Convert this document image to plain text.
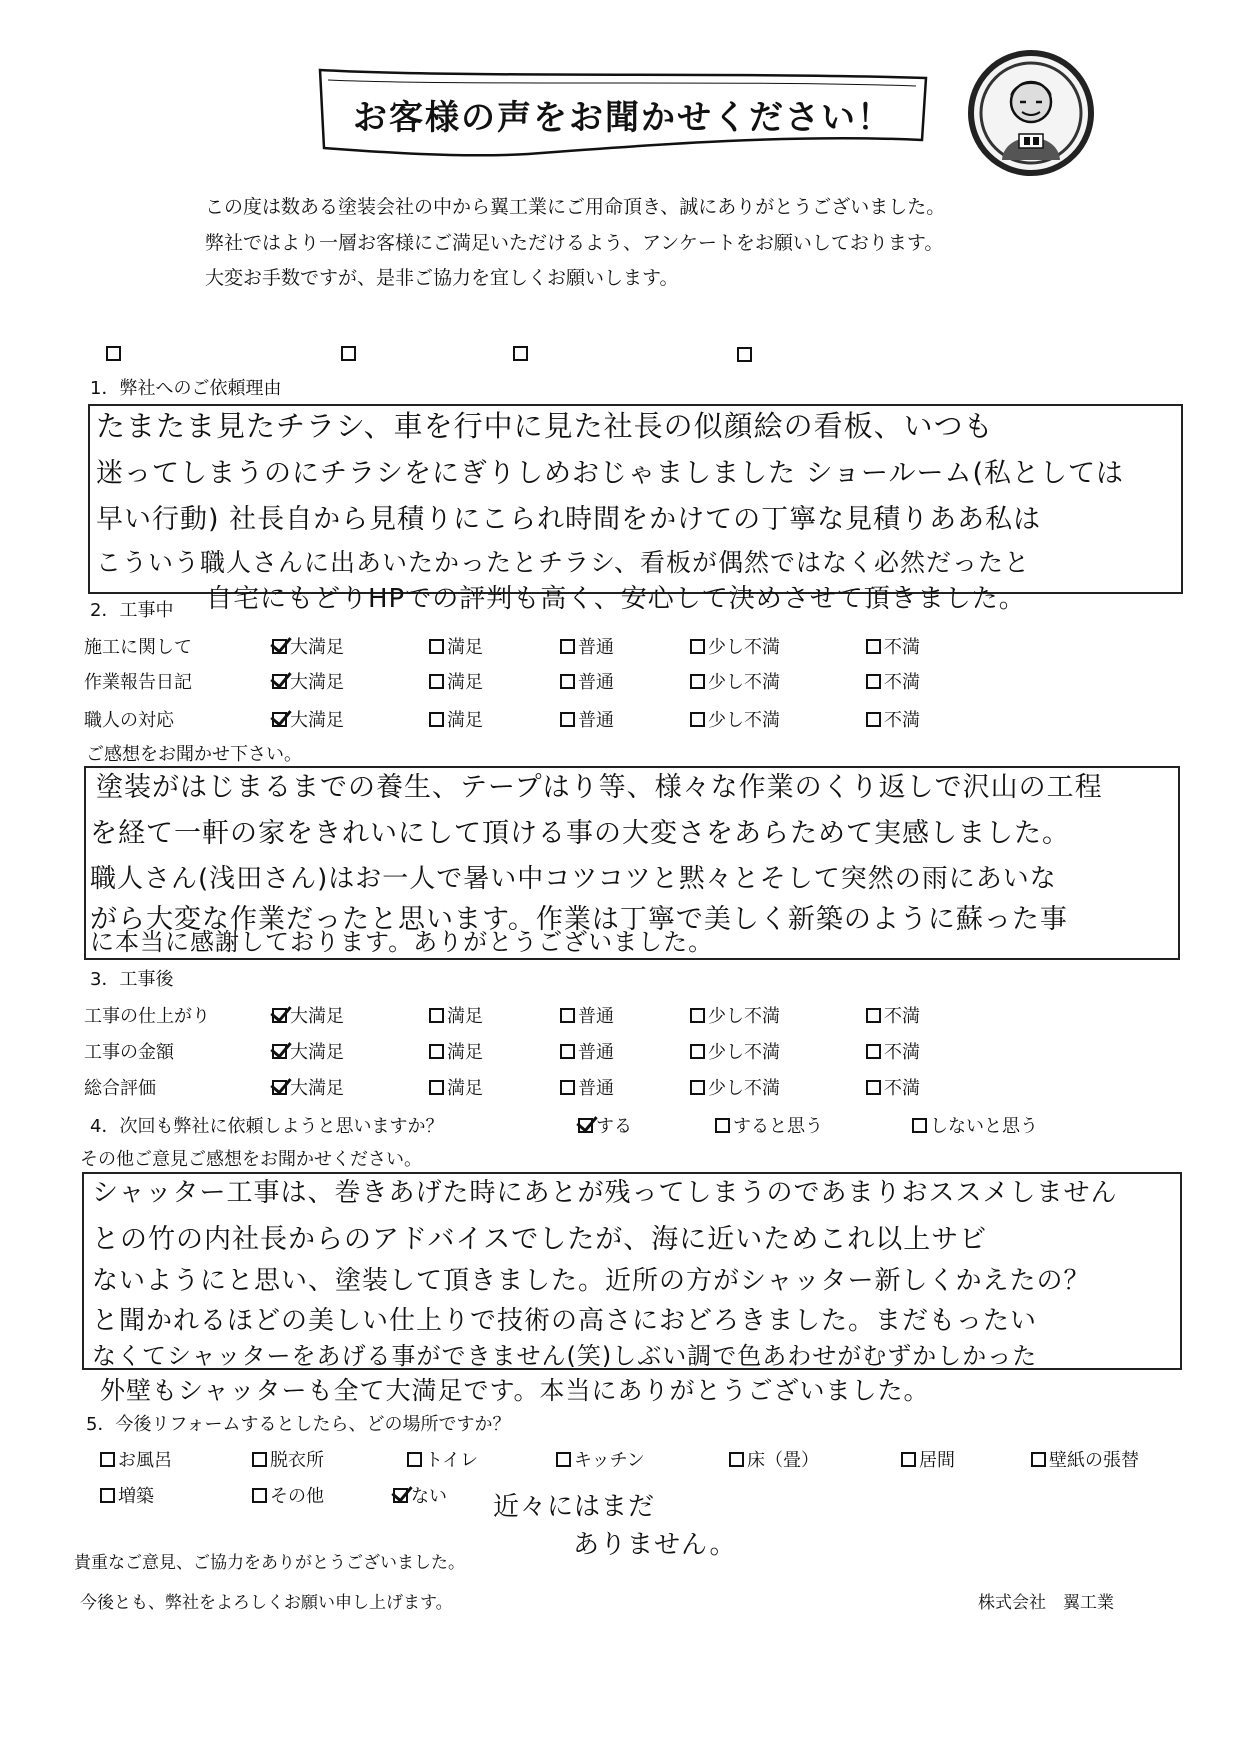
お客様の声をお聞かせください！
この度は数ある塗装会社の中から翼工業にご用命頂き、誠にありがとうございました。
弊社ではより一層お客様にご満足いただけるよう、アンケートをお願いしております。
大変お手数ですが、是非ご協力を宜しくお願いします。

1．弊社へのご依頼理由
たまたま見たチラシ、車を行中に見た社長の似顔絵の看板、いつも
迷ってしまうのにチラシをにぎりしめおじゃましました ショールーム(私としては
早い行動) 社長自から見積りにこられ時間をかけての丁寧な見積りああ私は
こういう職人さんに出あいたかったとチラシ、看板が偶然ではなく必然だったと
自宅にもどりHPでの評判も高く、安心して決めさせて頂きました。
2．工事中
施工に関して	大満足	満足	普通	少し不満	不満
作業報告日記	大満足	満足	普通	少し不満	不満
職人の対応	大満足	満足	普通	少し不満	不満
ご感想をお聞かせ下さい。
塗装がはじまるまでの養生、テープはり等、様々な作業のくり返しで沢山の工程
を経て一軒の家をきれいにして頂ける事の大変さをあらためて実感しました。
職人さん(浅田さん)はお一人で暑い中コツコツと黙々とそして突然の雨にあいな
がら大変な作業だったと思います。作業は丁寧で美しく新築のように蘇った事
に本当に感謝しております。ありがとうございました。
3．工事後
工事の仕上がり	大満足	満足	普通	少し不満	不満
工事の金額	大満足	満足	普通	少し不満	不満
総合評価	大満足	満足	普通	少し不満	不満
4．次回も弊社に依頼しようと思いますか？	する	すると思う	しないと思う
その他ご意見ご感想をお聞かせください。
シャッター工事は、巻きあげた時にあとが残ってしまうのであまりおススメしません
との竹の内社長からのアドバイスでしたが、海に近いためこれ以上サビ
ないようにと思い、塗装して頂きました。近所の方がシャッター新しくかえたの？
と聞かれるほどの美しい仕上りで技術の高さにおどろきました。まだもったい
なくてシャッターをあげる事ができません(笑)しぶい調で色あわせがむずかしかった
外壁もシャッターも全て大満足です。本当にありがとうございました。
5．今後リフォームするとしたら、どの場所ですか？
お風呂	脱衣所	トイレ	キッチン	床（畳）	居間	壁紙の張替
増築	その他	ない 近々にはまだ
ありません。
貴重なご意見、ご協力をありがとうございました。
今後とも、弊社をよろしくお願い申し上げます。	株式会社　翼工業
